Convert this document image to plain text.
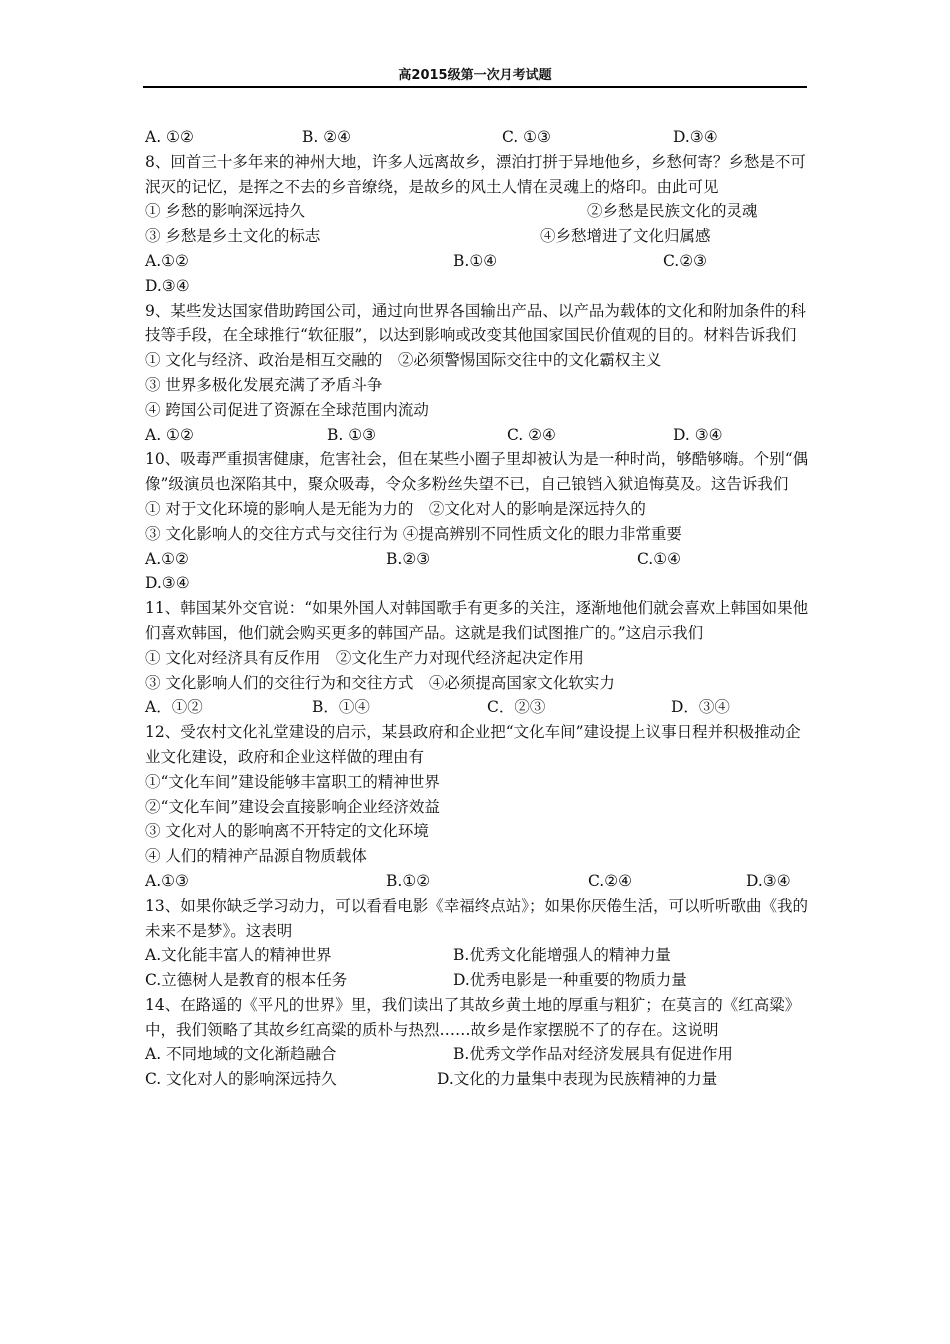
高2015级第一次月考试题
A. ①②	B. ②④	C. ①③	D.③④
8、回首三十多年来的神州大地，许多人远离故乡，漂泊打拼于异地他乡，乡愁何寄？乡愁是不可泯灭的记忆，是挥之不去的乡音缭绕，是故乡的风土人情在灵魂上的烙印。由此可见
① 乡愁的影响深远持久	②乡愁是民族文化的灵魂
③ 乡愁是乡土文化的标志	④乡愁增进了文化归属感
A.①②	B.①④	C.②③
D.③④
9、某些发达国家借助跨国公司，通过向世界各国输出产品、以产品为载体的文化和附加条件的科技等手段，在全球推行“软征服”，以达到影响或改变其他国家国民价值观的目的。材料告诉我们
① 文化与经济、政治是相互交融的　②必须警惕国际交往中的文化霸权主义
③ 世界多极化发展充满了矛盾斗争
④ 跨国公司促进了资源在全球范围内流动
A. ①②	B. ①③	C. ②④	D. ③④
10、吸毒严重损害健康，危害社会，但在某些小圈子里却被认为是一种时尚，够酷够嗨。个别“偶像”级演员也深陷其中，聚众吸毒，令众多粉丝失望不已，自己锒铛入狱追悔莫及。这告诉我们
① 对于文化环境的影响人是无能为力的　②文化对人的影响是深远持久的
③ 文化影响人的交往方式与交往行为 ④提高辨别不同性质文化的眼力非常重要
A.①②	B.②③	C.①④
D.③④
11、韩国某外交官说：“如果外国人对韩国歌手有更多的关注，逐渐地他们就会喜欢上韩国如果他们喜欢韩国，他们就会购买更多的韩国产品。这就是我们试图推广的。”这启示我们
① 文化对经济具有反作用　②文化生产力对现代经济起决定作用
③ 文化影响人们的交往行为和交往方式　④必须提高国家文化软实力
A．①②	B．①④	C．②③	D．③④
12、受农村文化礼堂建设的启示，某县政府和企业把“文化车间”建设提上议事日程并积极推动企业文化建设，政府和企业这样做的理由有
①“文化车间”建设能够丰富职工的精神世界
②“文化车间”建设会直接影响企业经济效益
③ 文化对人的影响离不开特定的文化环境
④ 人们的精神产品源自物质载体
A.①③	B.①②	C.②④	D.③④
13、如果你缺乏学习动力，可以看看电影《幸福终点站》；如果你厌倦生活，可以听听歌曲《我的未来不是梦》。这表明
A.文化能丰富人的精神世界	B.优秀文化能增强人的精神力量
C.立德树人是教育的根本任务	D.优秀电影是一种重要的物质力量
14、在路遥的《平凡的世界》里，我们读出了其故乡黄土地的厚重与粗犷；在莫言的《红高粱》中，我们领略了其故乡红高粱的质朴与热烈……故乡是作家摆脱不了的存在。这说明
A. 不同地域的文化渐趋融合	B.优秀文学作品对经济发展具有促进作用
C. 文化对人的影响深远持久	D.文化的力量集中表现为民族精神的力量
